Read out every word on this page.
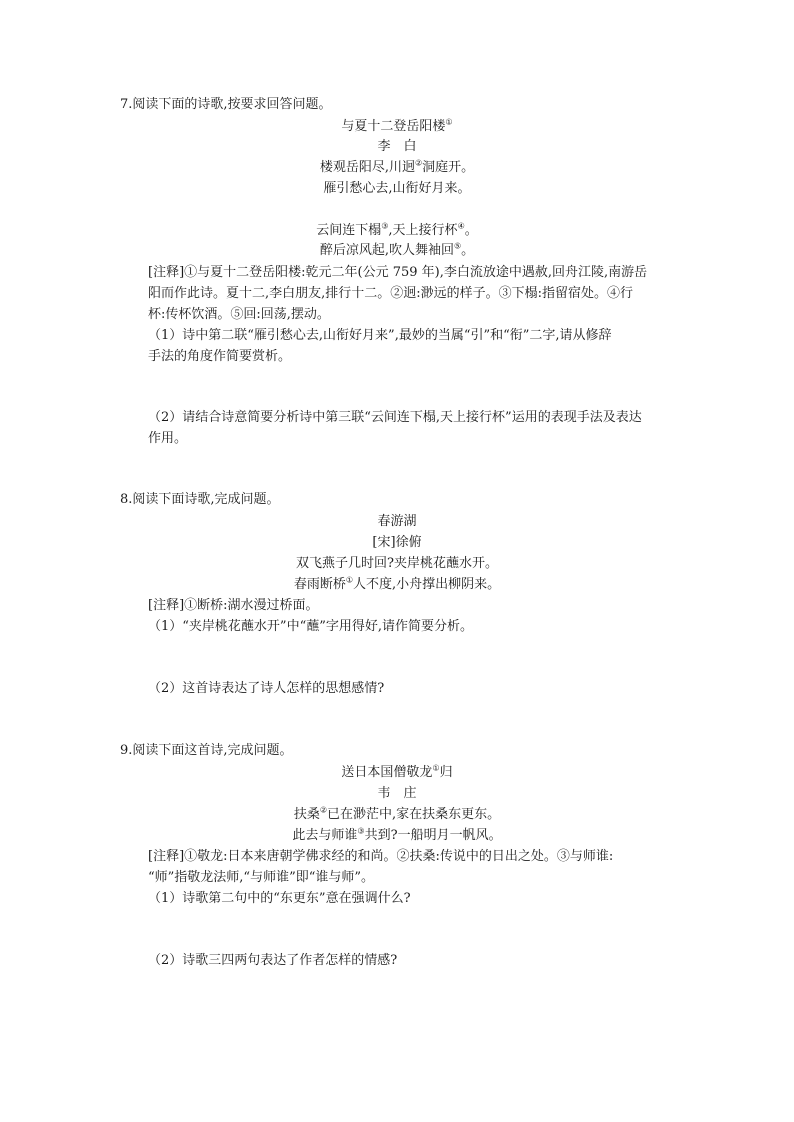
7.阅读下面的诗歌,按要求回答问题。
与夏十二登岳阳楼①
李　白
楼观岳阳尽,川迥②洞庭开。
雁引愁心去,山衔好月来。
云间连下榻③,天上接行杯④。
醉后凉风起,吹人舞袖回⑤。
[注释]①与夏十二登岳阳楼:乾元二年(公元 759 年),李白流放途中遇赦,回舟江陵,南游岳
阳而作此诗。夏十二,李白朋友,排行十二。②迥:渺远的样子。③下榻:指留宿处。④行
杯:传杯饮酒。⑤回:回荡,摆动。
（1）诗中第二联“雁引愁心去,山衔好月来”,最妙的当属“引”和“衔”二字,请从修辞
手法的角度作简要赏析。
（2）请结合诗意简要分析诗中第三联“云间连下榻,天上接行杯”运用的表现手法及表达
作用。
8.阅读下面诗歌,完成问题。
春游湖
[宋]徐俯
双飞燕子几时回?夹岸桃花蘸水开。
春雨断桥①人不度,小舟撑出柳阴来。
[注释]①断桥:湖水漫过桥面。
（1）“夹岸桃花蘸水开”中“蘸”字用得好,请作简要分析。
（2）这首诗表达了诗人怎样的思想感情?
9.阅读下面这首诗,完成问题。
送日本国僧敬龙①归
韦　庄
扶桑②已在渺茫中,家在扶桑东更东。
此去与师谁③共到?一船明月一帆风。
[注释]①敬龙:日本来唐朝学佛求经的和尚。②扶桑:传说中的日出之处。③与师谁:
“师”指敬龙法师,“与师谁”即“谁与师”。
（1）诗歌第二句中的“东更东”意在强调什么?
（2）诗歌三四两句表达了作者怎样的情感?
